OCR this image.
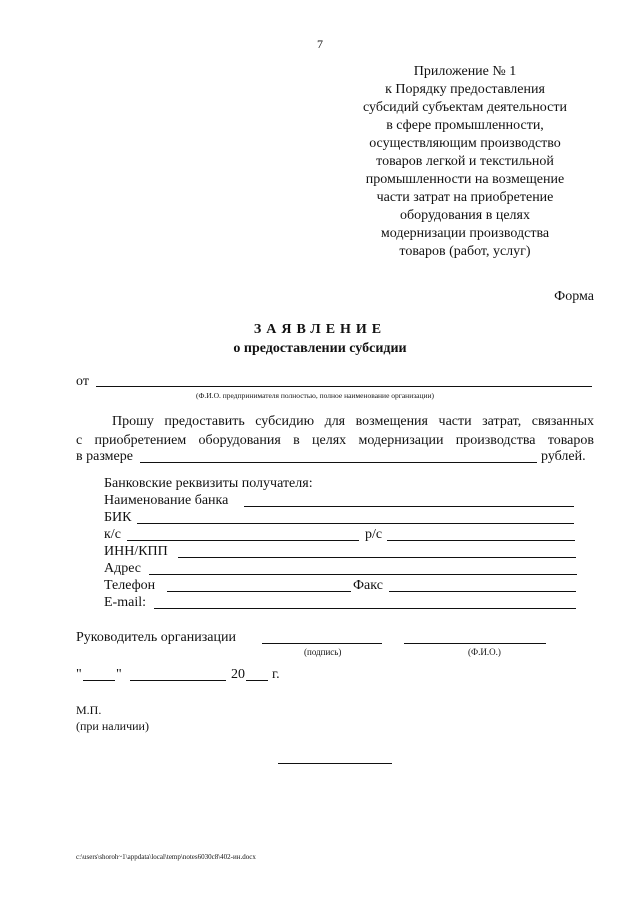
7
Приложение № 1
к Порядку предоставления
субсидий субъектам деятельности
в сфере промышленности,
осуществляющим производство
товаров легкой и текстильной
промышленности на возмещение
части затрат на приобретение
оборудования в целях
модернизации производства
товаров (работ, услуг)
Форма
ЗАЯВЛЕНИЕ
о предоставлении субсидии
от
(Ф.И.О. предпринимателя полностью, полное наименование организации)
Прошу предоставить субсидию для возмещения части затрат, связанных
с приобретением оборудования в целях модернизации производства товаров
в размере	рублей.
Банковские реквизиты получателя:
Наименование банка
БИК
к/с	р/с
ИНН/КПП
Адрес
Телефон	Факс
E-mail:
Руководитель организации
(подпись)	(Ф.И.О.)
" "	20 г.
М.П.
(при наличии)
c:\users\shoroh~1\appdata\local\temp\notes6030c8\402-ин.docx
